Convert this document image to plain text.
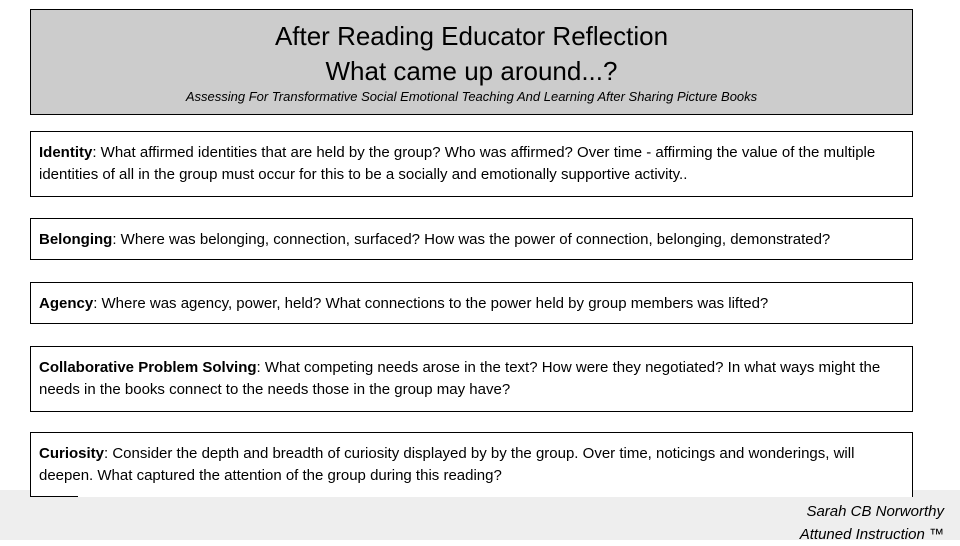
After Reading Educator Reflection
What came up around...?
Assessing For Transformative Social Emotional Teaching And Learning After Sharing Picture Books
Identity: What affirmed identities that are held by the group? Who was affirmed? Over time - affirming the value of the multiple identities of all in the group must occur for this to be a socially and emotionally supportive activity..
Belonging: Where was belonging, connection, surfaced? How was the power of connection, belonging, demonstrated?
Agency: Where was agency, power, held? What connections to the power held by group members was lifted?
Collaborative Problem Solving: What competing needs arose in the text? How were they negotiated? In what ways might the needs in the books connect to the needs those in the group may have?
Curiosity: Consider the depth and breadth of curiosity displayed by by the group. Over time, noticings and wonderings, will deepen. What captured the attention of the group during this reading?
Sarah CB Norworthy
Attuned Instruction ™
